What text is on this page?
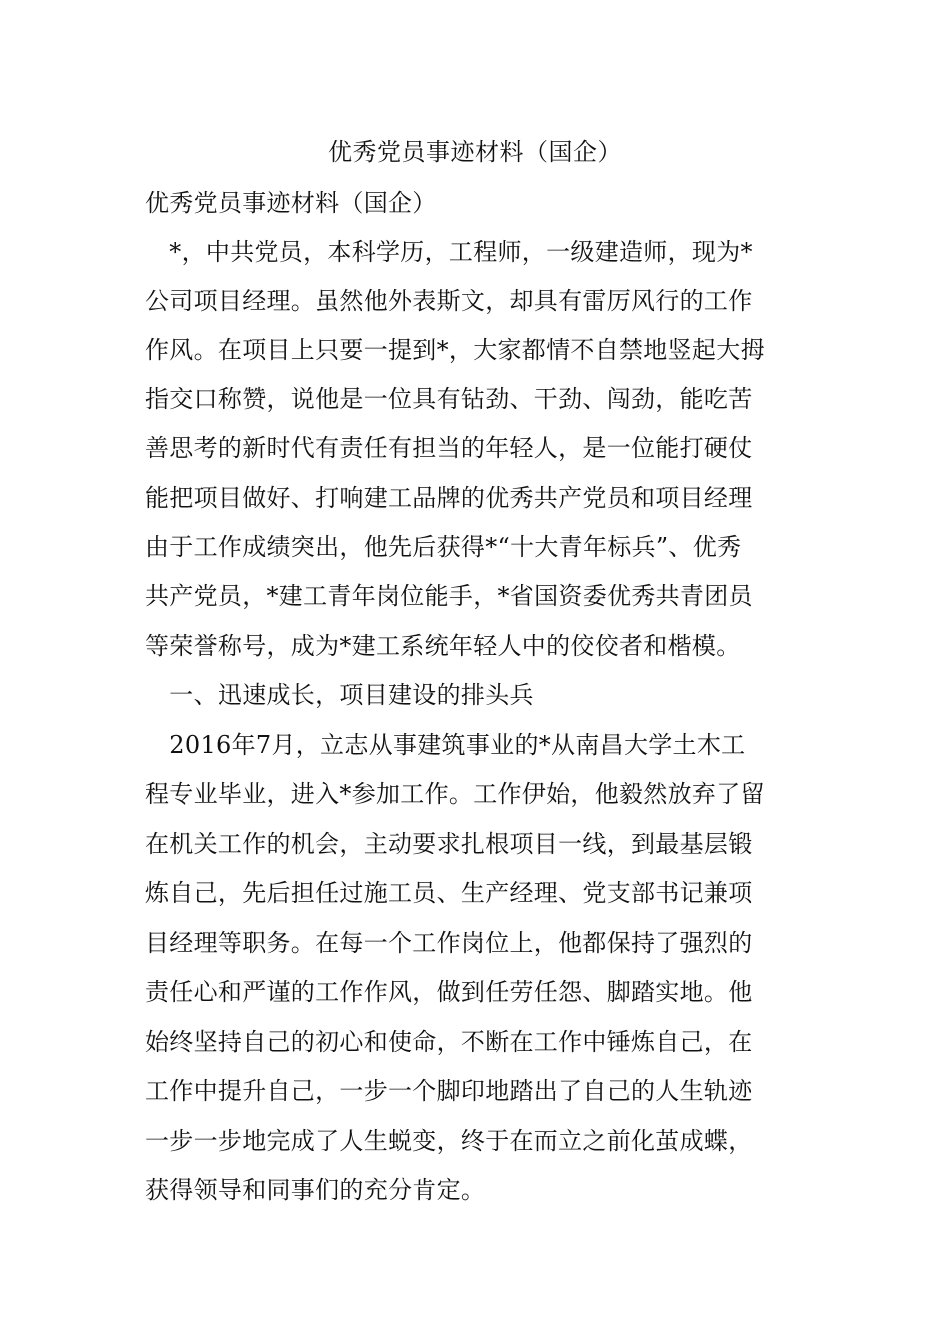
优秀党员事迹材料（国企）
优秀党员事迹材料（国企）
　*，中共党员，本科学历，工程师，一级建造师，现为*
公司项目经理。虽然他外表斯文，却具有雷厉风行的工作
作风。在项目上只要一提到*，大家都情不自禁地竖起大拇
指交口称赞，说他是一位具有钻劲、干劲、闯劲，能吃苦
善思考的新时代有责任有担当的年轻人，是一位能打硬仗
能把项目做好、打响建工品牌的优秀共产党员和项目经理
由于工作成绩突出，他先后获得*“十大青年标兵”、优秀
共产党员，*建工青年岗位能手，*省国资委优秀共青团员
等荣誉称号，成为*建工系统年轻人中的佼佼者和楷模。
　一、迅速成长，项目建设的排头兵
　2016年7月，立志从事建筑事业的*从南昌大学土木工
程专业毕业，进入*参加工作。工作伊始，他毅然放弃了留
在机关工作的机会，主动要求扎根项目一线，到最基层锻
炼自己，先后担任过施工员、生产经理、党支部书记兼项
目经理等职务。在每一个工作岗位上，他都保持了强烈的
责任心和严谨的工作作风，做到任劳任怨、脚踏实地。他
始终坚持自己的初心和使命，不断在工作中锤炼自己，在
工作中提升自己，一步一个脚印地踏出了自己的人生轨迹
一步一步地完成了人生蜕变，终于在而立之前化茧成蝶，
获得领导和同事们的充分肯定。
